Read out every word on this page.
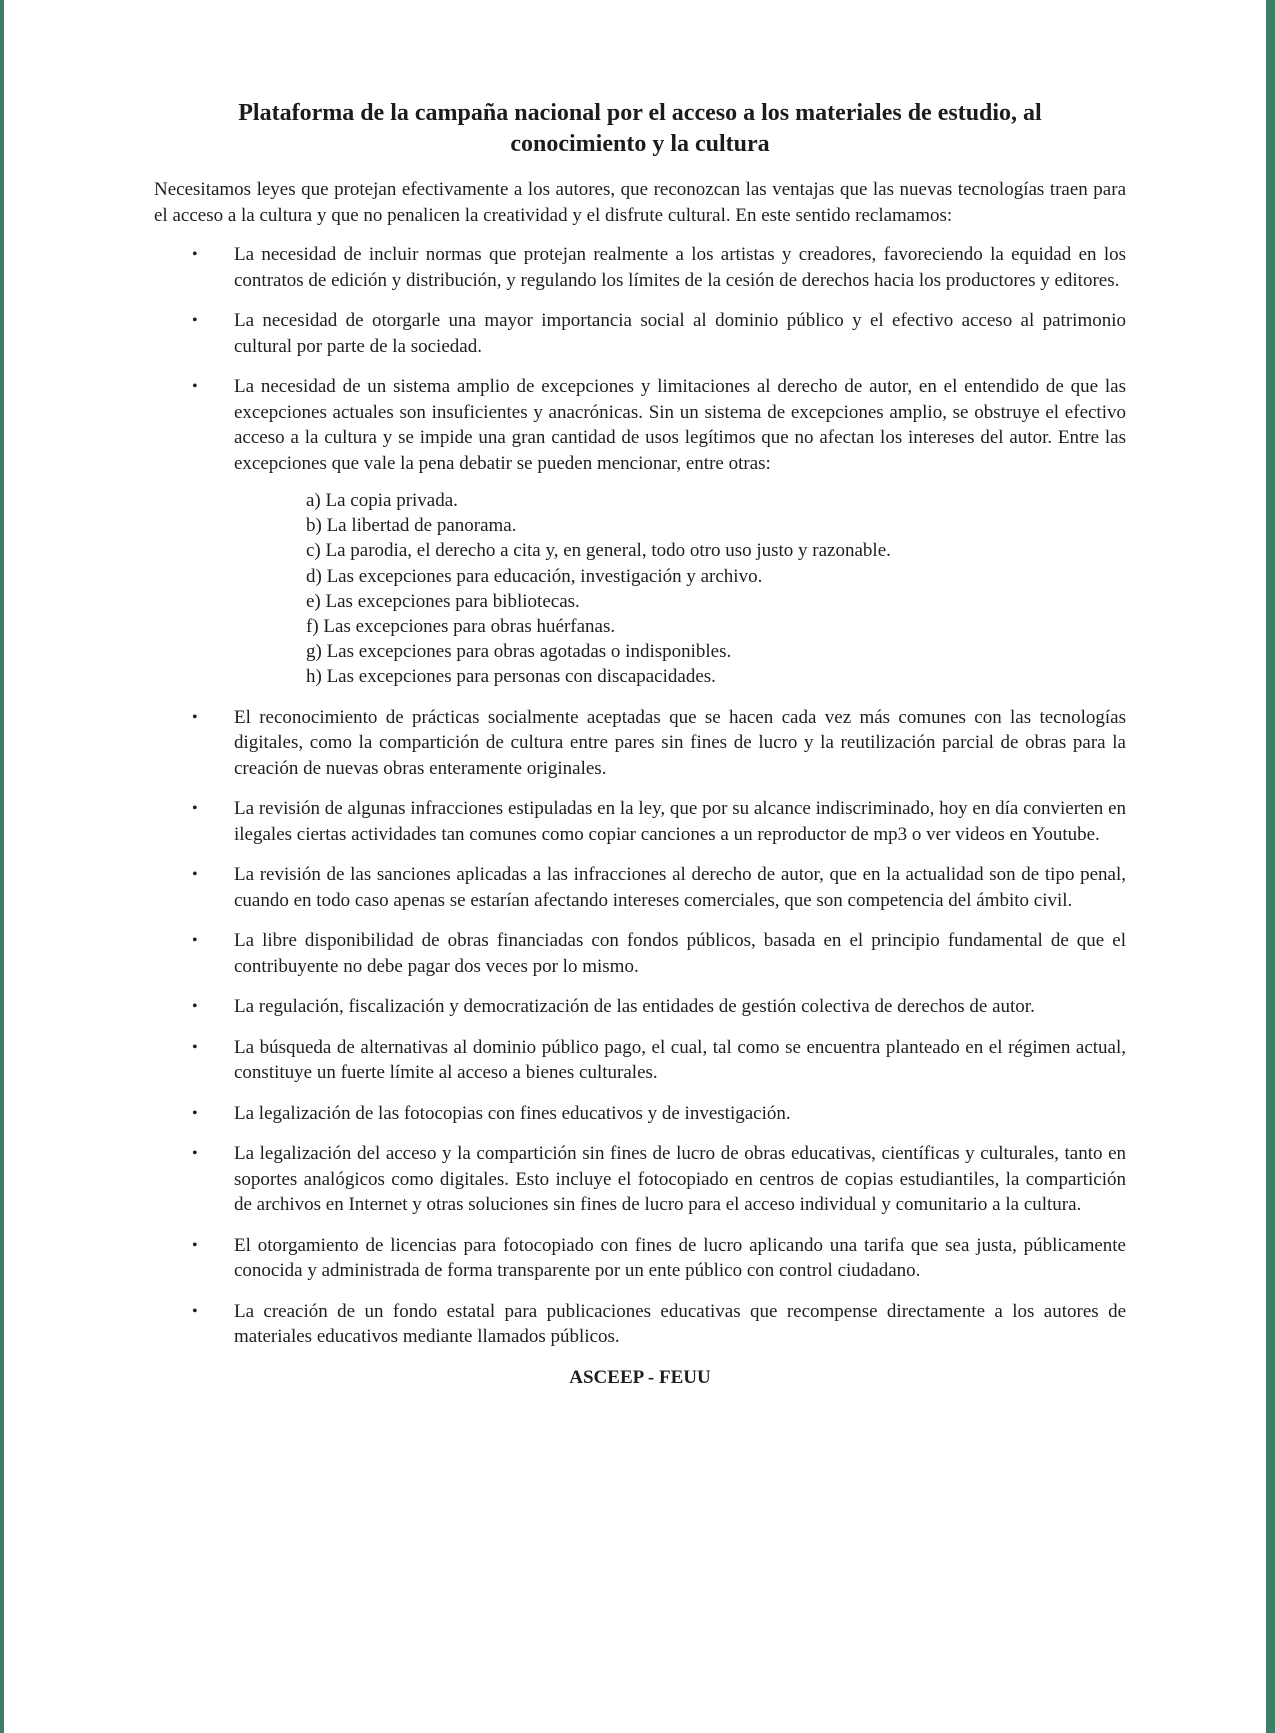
Plataforma de la campaña nacional por el acceso a los materiales de estudio, al
conocimiento y la cultura

Necesitamos leyes que protejan efectivamente a los autores, que reconozcan las ventajas que las nuevas tecnologías traen para el acceso a la cultura y que no penalicen la creatividad y el disfrute cultural. En este sentido reclamamos:

• La necesidad de incluir normas que protejan realmente a los artistas y creadores, favoreciendo la equidad en los contratos de edición y distribución, y regulando los límites de la cesión de derechos hacia los productores y editores.
• La necesidad de otorgarle una mayor importancia social al dominio público y el efectivo acceso al patrimonio cultural por parte de la sociedad.
• La necesidad de un sistema amplio de excepciones y limitaciones al derecho de autor, en el entendido de que las excepciones actuales son insuficientes y anacrónicas. Sin un sistema de excepciones amplio, se obstruye el efectivo acceso a la cultura y se impide una gran cantidad de usos legítimos que no afectan los intereses del autor. Entre las excepciones que vale la pena debatir se pueden mencionar, entre otras:
a) La copia privada.
b) La libertad de panorama.
c) La parodia, el derecho a cita y, en general, todo otro uso justo y razonable.
d) Las excepciones para educación, investigación y archivo.
e) Las excepciones para bibliotecas.
f) Las excepciones para obras huérfanas.
g) Las excepciones para obras agotadas o indisponibles.
h) Las excepciones para personas con discapacidades.
• El reconocimiento de prácticas socialmente aceptadas que se hacen cada vez más comunes con las tecnologías digitales, como la compartición de cultura entre pares sin fines de lucro y la reutilización parcial de obras para la creación de nuevas obras enteramente originales.
• La revisión de algunas infracciones estipuladas en la ley, que por su alcance indiscriminado, hoy en día convierten en ilegales ciertas actividades tan comunes como copiar canciones a un reproductor de mp3 o ver videos en Youtube.
• La revisión de las sanciones aplicadas a las infracciones al derecho de autor, que en la actualidad son de tipo penal, cuando en todo caso apenas se estarían afectando intereses comerciales, que son competencia del ámbito civil.
• La libre disponibilidad de obras financiadas con fondos públicos, basada en el principio fundamental de que el contribuyente no debe pagar dos veces por lo mismo.
• La regulación, fiscalización y democratización de las entidades de gestión colectiva de derechos de autor.
• La búsqueda de alternativas al dominio público pago, el cual, tal como se encuentra planteado en el régimen actual, constituye un fuerte límite al acceso a bienes culturales.
• La legalización de las fotocopias con fines educativos y de investigación.
• La legalización del acceso y la compartición sin fines de lucro de obras educativas, científicas y culturales, tanto en soportes analógicos como digitales. Esto incluye el fotocopiado en centros de copias estudiantiles, la compartición de archivos en Internet y otras soluciones sin fines de lucro para el acceso individual y comunitario a la cultura.
• El otorgamiento de licencias para fotocopiado con fines de lucro aplicando una tarifa que sea justa, públicamente conocida y administrada de forma transparente por un ente público con control ciudadano.
• La creación de un fondo estatal para publicaciones educativas que recompense directamente a los autores de materiales educativos mediante llamados públicos.
ASCEEP - FEUU
